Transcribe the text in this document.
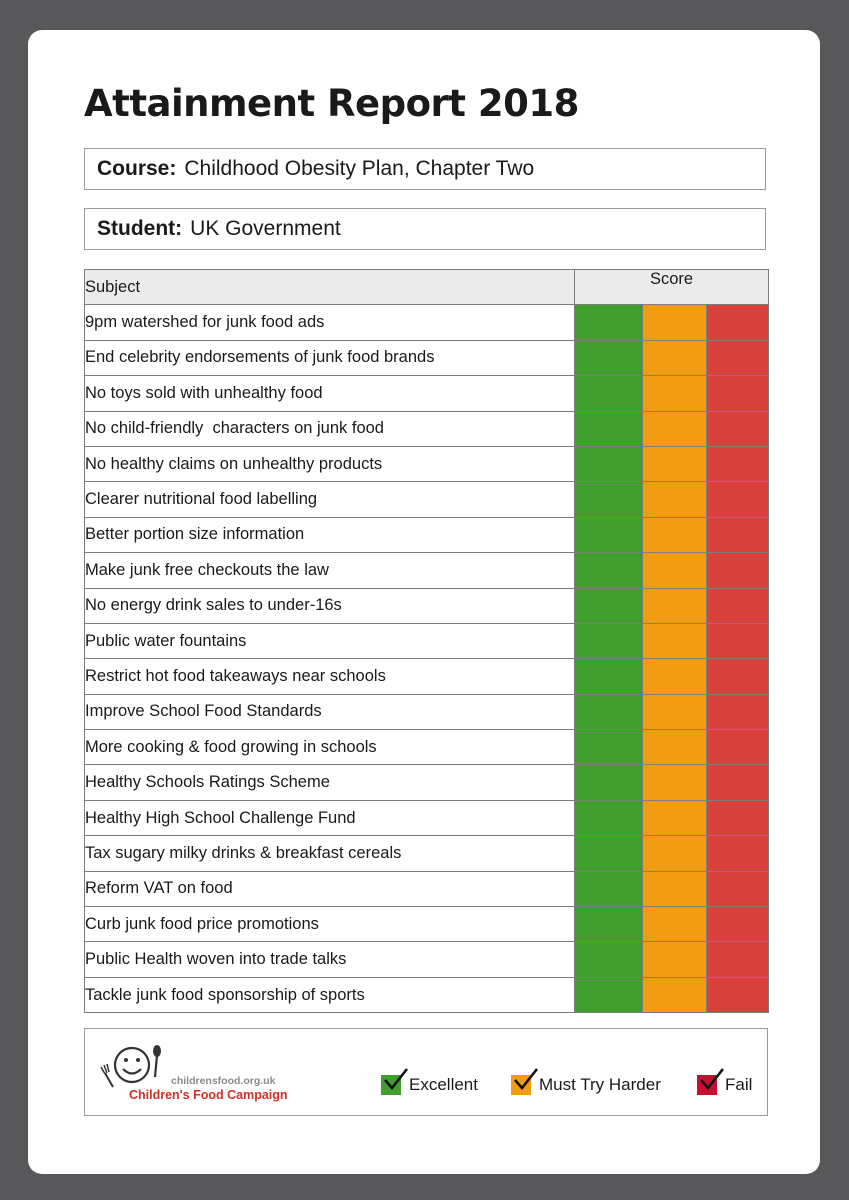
Attainment Report 2018
Course: Childhood Obesity Plan, Chapter Two
Student: UK Government
Subject	Score		
9pm watershed for junk food ads			
End celebrity endorsements of junk food brands			
No toys sold with unhealthy food			
No child-friendly  characters on junk food			
No healthy claims on unhealthy products			
Clearer nutritional food labelling			
Better portion size information			
Make junk free checkouts the law			
No energy drink sales to under-16s			
Public water fountains			
Restrict hot food takeaways near schools			
Improve School Food Standards			
More cooking & food growing in schools			
Healthy Schools Ratings Scheme			
Healthy High School Challenge Fund			
Tax sugary milky drinks & breakfast cereals			
Reform VAT on food			
Curb junk food price promotions			
Public Health woven into trade talks			
Tackle junk food sponsorship of sports			
childrensfood.org.uk
Children's Food Campaign
Excellent	Must Try Harder	Fail
